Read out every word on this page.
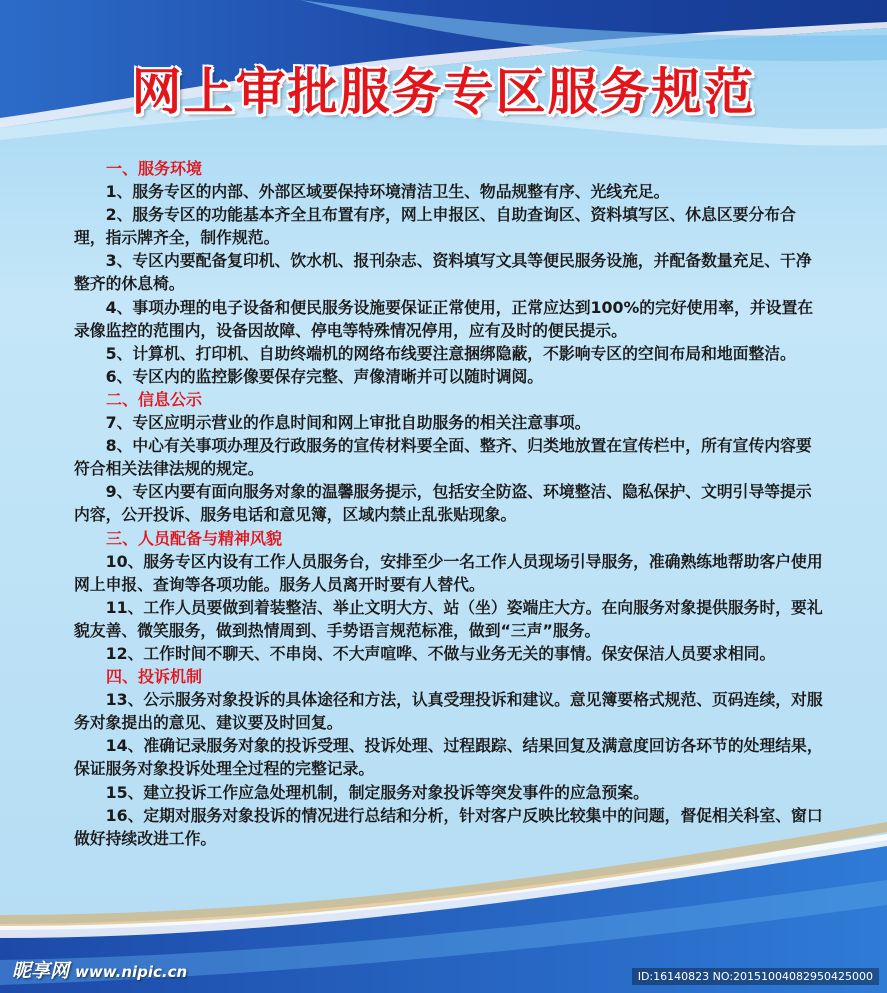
网上审批服务专区服务规范
一、服务环境

1、服务专区的内部、外部区域要保持环境清洁卫生、物品规整有序、光线充足。

2、服务专区的功能基本齐全且布置有序，网上申报区、自助查询区、资料填写区、休息区要分布合理，指示牌齐全，制作规范。

3、专区内要配备复印机、饮水机、报刊杂志、资料填写文具等便民服务设施，并配备数量充足、干净整齐的休息椅。

4、事项办理的电子设备和便民服务设施要保证正常使用，正常应达到100%的完好使用率，并设置在录像监控的范围内，设备因故障、停电等特殊情况停用，应有及时的便民提示。

5、计算机、打印机、自助终端机的网络布线要注意捆绑隐蔽，不影响专区的空间布局和地面整洁。

6、专区内的监控影像要保存完整、声像清晰并可以随时调阅。

二、信息公示

7、专区应明示营业的作息时间和网上审批自助服务的相关注意事项。

8、中心有关事项办理及行政服务的宣传材料要全面、整齐、归类地放置在宣传栏中，所有宣传内容要符合相关法律法规的规定。

9、专区内要有面向服务对象的温馨服务提示，包括安全防盗、环境整洁、隐私保护、文明引导等提示内容，公开投诉、服务电话和意见簿，区域内禁止乱张贴现象。

三、人员配备与精神风貌

10、服务专区内设有工作人员服务台，安排至少一名工作人员现场引导服务，准确熟练地帮助客户使用网上申报、查询等各项功能。服务人员离开时要有人替代。

11、工作人员要做到着装整洁、举止文明大方、站（坐）姿端庄大方。在向服务对象提供服务时，要礼貌友善、微笑服务，做到热情周到、手势语言规范标准，做到“三声”服务。

12、工作时间不聊天、不串岗、不大声喧哗、不做与业务无关的事情。保安保洁人员要求相同。

四、投诉机制

13、公示服务对象投诉的具体途径和方法，认真受理投诉和建议。意见簿要格式规范、页码连续，对服务对象提出的意见、建议要及时回复。

14、准确记录服务对象的投诉受理、投诉处理、过程跟踪、结果回复及满意度回访各环节的处理结果，保证服务对象投诉处理全过程的完整记录。

15、建立投诉工作应急处理机制，制定服务对象投诉等突发事件的应急预案。

16、定期对服务对象投诉的情况进行总结和分析，针对客户反映比较集中的问题，督促相关科室、窗口做好持续改进工作。

昵享网 www.nipic.cn	ID:16140823 NO:20151004082950425000
